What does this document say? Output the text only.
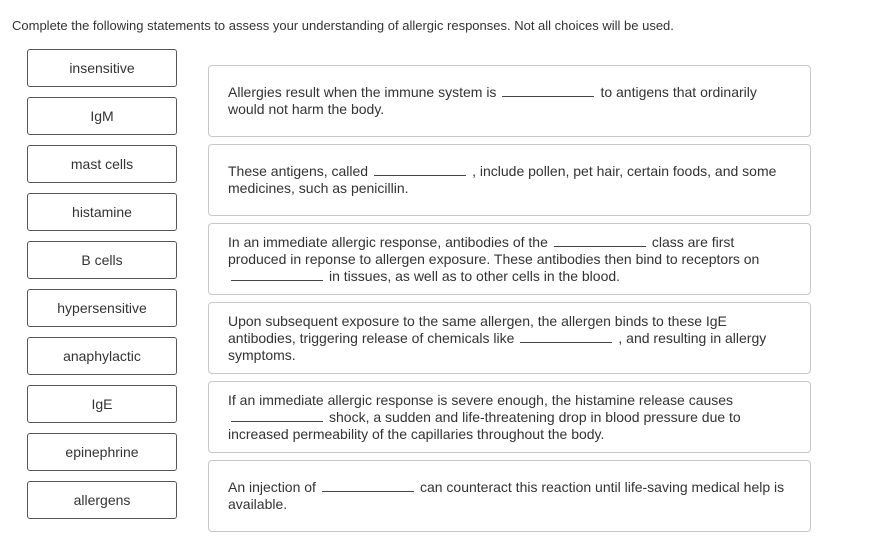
Complete the following statements to assess your understanding of allergic responses. Not all choices will be used.
insensitive
IgM
mast cells
histamine
B cells
hypersensitive
anaphylactic
IgE
epinephrine
allergens
Allergies result when the immune system is	to antigens that ordinarily would not harm the body.
These antigens, called	, include pollen, pet hair, certain foods, and some medicines, such as penicillin.
In an immediate allergic response, antibodies of the	class are first produced in reponse to allergen exposure. These antibodies then bind to receptors on in tissues, as well as to other cells in the blood.
Upon subsequent exposure to the same allergen, the allergen binds to these IgE antibodies, triggering release of chemicals like	, and resulting in allergy symptoms.
If an immediate allergic response is severe enough, the histamine release causes shock, a sudden and life-threatening drop in blood pressure due to increased permeability of the capillaries throughout the body.
An injection of	can counteract this reaction until life-saving medical help is available.
